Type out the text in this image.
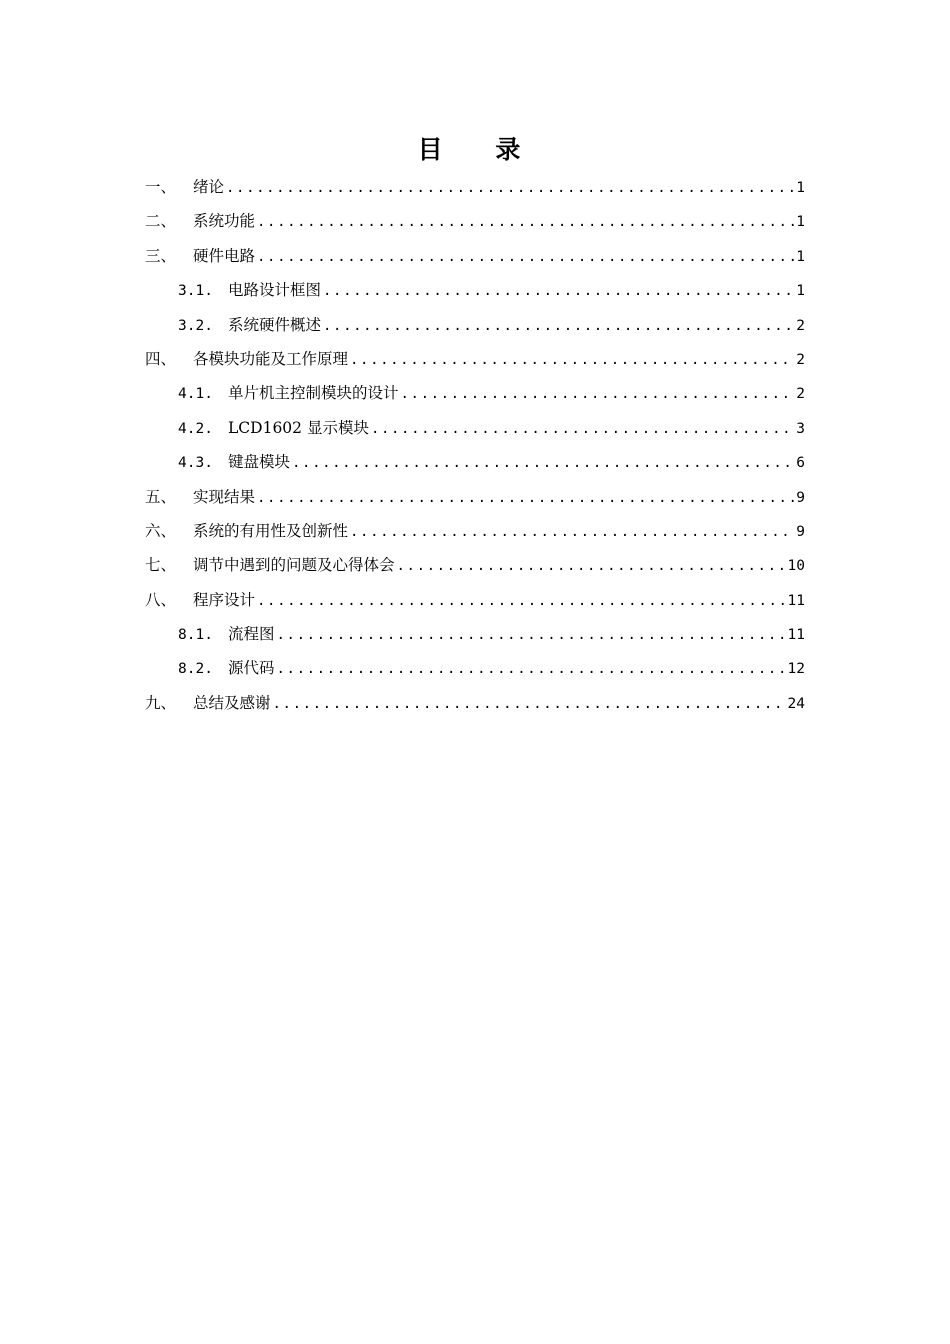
目 录
一、	绪论 .....	1
二、	系统功能 .....	1
三、	硬件电路 .....	1
3.1. 电路设计框图 .....	1
3.2. 系统硬件概述 .....	2
四、	各模块功能及工作原理 .....	2
4.1. 单片机主控制模块的设计 .....	2
4.2. LCD1602 显示模块 .....	3
4.3. 键盘模块 .....	6
五、	实现结果 .....	9
六、	系统的有用性及创新性 .....	9
七、	调节中遇到的问题及心得体会 .....	10
八、	程序设计 .....	11
8.1. 流程图 .....	11
8.2. 源代码 .....	12
九、	总结及感谢 .....	24
